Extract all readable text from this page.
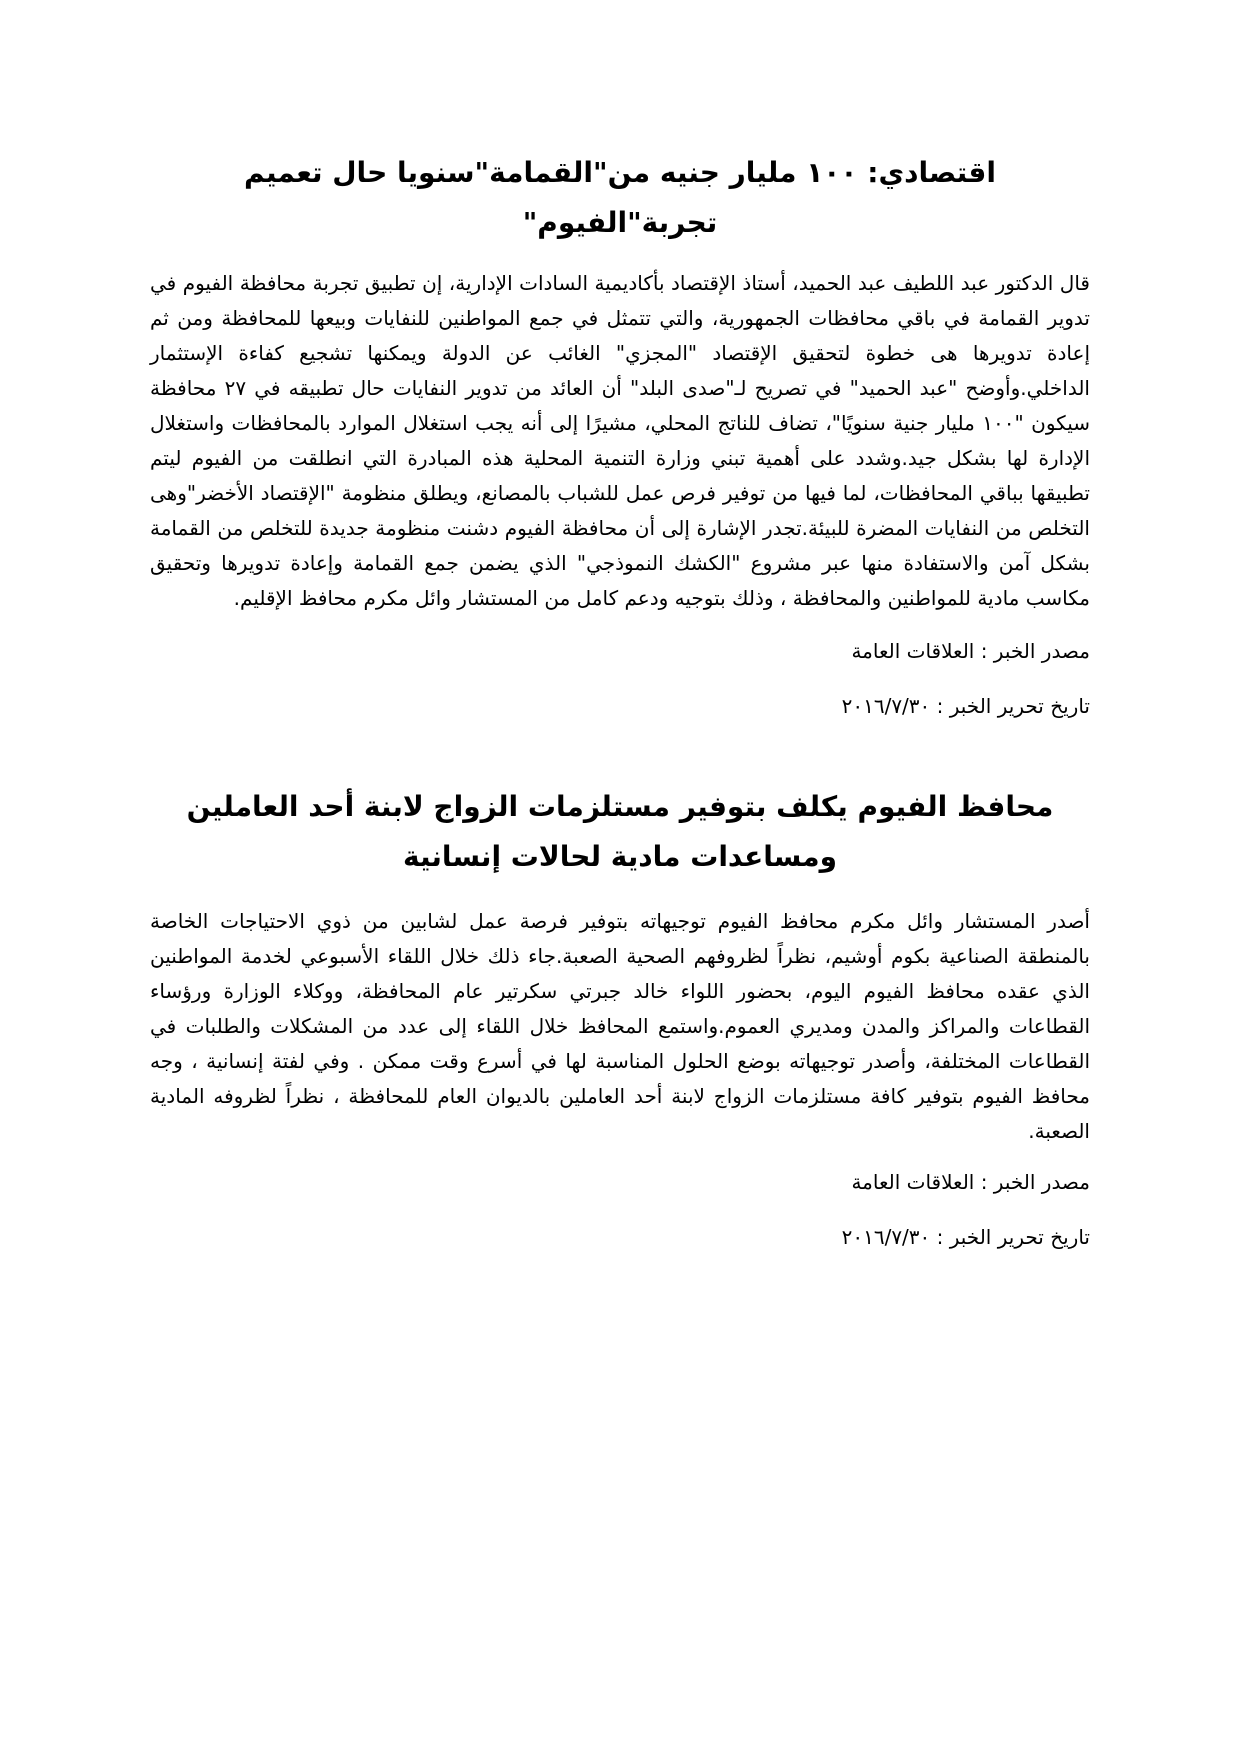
اقتصادي: ١٠٠ مليار جنيه من"القمامة"سنويا حال تعميم تجربة"الفيوم"

قال الدكتور عبد اللطيف عبد الحميد، أستاذ الإقتصاد بأكاديمية السادات الإدارية، إن تطبيق تجربة محافظة الفيوم في تدوير القمامة في باقي محافظات الجمهورية، والتي تتمثل في جمع المواطنين للنفايات وبيعها للمحافظة ومن ثم إعادة تدويرها هى خطوة لتحقيق الإقتصاد "المجزي" الغائب عن الدولة ويمكنها تشجيع كفاءة الإستثمار الداخلي.وأوضح "عبد الحميد" في تصريح لـ"صدى البلد" أن العائد من تدوير النفايات حال تطبيقه في ٢٧ محافظة سيكون "١٠٠ مليار جنية سنويًا"، تضاف للناتج المحلي، مشيرًا إلى أنه يجب استغلال الموارد بالمحافظات واستغلال الإدارة لها بشكل جيد.وشدد على أهمية تبني وزارة التنمية المحلية هذه المبادرة التي انطلقت من الفيوم ليتم تطبيقها بباقي المحافظات، لما فيها من توفير فرص عمل للشباب بالمصانع، ويطلق منظومة "الإقتصاد الأخضر"وهى التخلص من النفايات المضرة للبيئة.تجدر الإشارة إلى أن محافظة الفيوم دشنت منظومة جديدة للتخلص من القمامة بشكل آمن والاستفادة منها عبر مشروع "الكشك النموذجي" الذي يضمن جمع القمامة وإعادة تدويرها وتحقيق مكاسب مادية للمواطنين والمحافظة ، وذلك بتوجيه ودعم كامل من المستشار وائل مكرم محافظ الإقليم.

مصدر الخبر : العلاقات العامة

تاريخ تحرير الخبر : ٢٠١٦/٧/٣٠

محافظ الفيوم يكلف بتوفير مستلزمات الزواج لابنة أحد العاملين ومساعدات مادية لحالات إنسانية

أصدر المستشار وائل مكرم محافظ الفيوم توجيهاته بتوفير فرصة عمل لشابين من ذوي الاحتياجات الخاصة بالمنطقة الصناعية بكوم أوشيم، نظراً لظروفهم الصحية الصعبة.جاء ذلك خلال اللقاء الأسبوعي لخدمة المواطنين الذي عقده محافظ الفيوم اليوم، بحضور اللواء خالد جبرتي سكرتير عام المحافظة، ووكلاء الوزارة ورؤساء القطاعات والمراكز والمدن ومديري العموم.واستمع المحافظ خلال اللقاء إلى عدد من المشكلات والطلبات في القطاعات المختلفة، وأصدر توجيهاته بوضع الحلول المناسبة لها في أسرع وقت ممكن . وفي لفتة إنسانية ، وجه محافظ الفيوم بتوفير كافة مستلزمات الزواج لابنة أحد العاملين بالديوان العام للمحافظة ، نظراً لظروفه المادية الصعبة.

مصدر الخبر : العلاقات العامة

تاريخ تحرير الخبر : ٢٠١٦/٧/٣٠
